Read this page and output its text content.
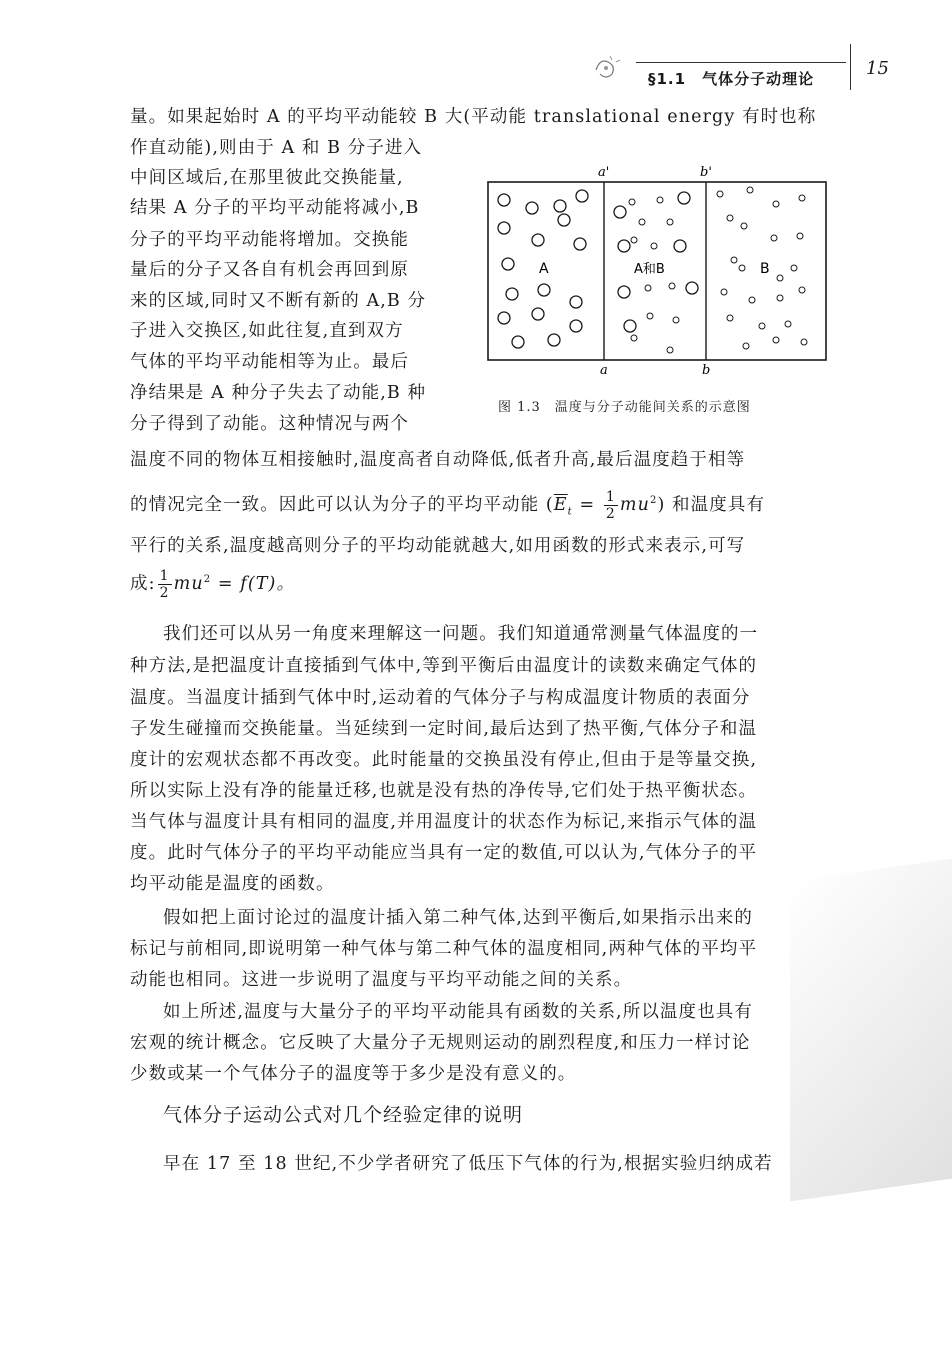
§1.1　气体分子动理论	15
量。如果起始时 A 的平均平动能较 B 大(平动能 translational energy 有时也称
作直动能),则由于 A 和 B 分子进入
中间区域后,在那里彼此交换能量,
结果 A 分子的平均平动能将减小,B
分子的平均平动能将增加。交换能
量后的分子又各自有机会再回到原
来的区域,同时又不断有新的 A,B 分
子进入交换区,如此往复,直到双方
气体的平均平动能相等为止。最后
净结果是 A 种分子失去了动能,B 种
分子得到了动能。这种情况与两个
温度不同的物体互相接触时,温度高者自动降低,低者升高,最后温度趋于相等
的情况完全一致。因此可以认为分子的平均平动能 $(\overline{E}_t = \frac{1}{2} mu^2)$ 和温度具有
平行的关系,温度越高则分子的平均动能就越大,如用函数的形式来表示,可写
成: $\frac{1}{2} mu^2 = f(T)$。
a'	b'
a	b
A	A和B	B
图 1.3　温度与分子动能间关系的示意图
我们还可以从另一角度来理解这一问题。我们知道通常测量气体温度的一
种方法,是把温度计直接插到气体中,等到平衡后由温度计的读数来确定气体的
温度。当温度计插到气体中时,运动着的气体分子与构成温度计物质的表面分
子发生碰撞而交换能量。当延续到一定时间,最后达到了热平衡,气体分子和温
度计的宏观状态都不再改变。此时能量的交换虽没有停止,但由于是等量交换,
所以实际上没有净的能量迁移,也就是没有热的净传导,它们处于热平衡状态。
当气体与温度计具有相同的温度,并用温度计的状态作为标记,来指示气体的温
度。此时气体分子的平均平动能应当具有一定的数值,可以认为,气体分子的平
均平动能是温度的函数。
假如把上面讨论过的温度计插入第二种气体,达到平衡后,如果指示出来的
标记与前相同,即说明第一种气体与第二种气体的温度相同,两种气体的平均平
动能也相同。这进一步说明了温度与平均平动能之间的关系。
如上所述,温度与大量分子的平均平动能具有函数的关系,所以温度也具有
宏观的统计概念。它反映了大量分子无规则运动的剧烈程度,和压力一样讨论
少数或某一个气体分子的温度等于多少是没有意义的。
气体分子运动公式对几个经验定律的说明
早在 17 至 18 世纪,不少学者研究了低压下气体的行为,根据实验归纳成若
